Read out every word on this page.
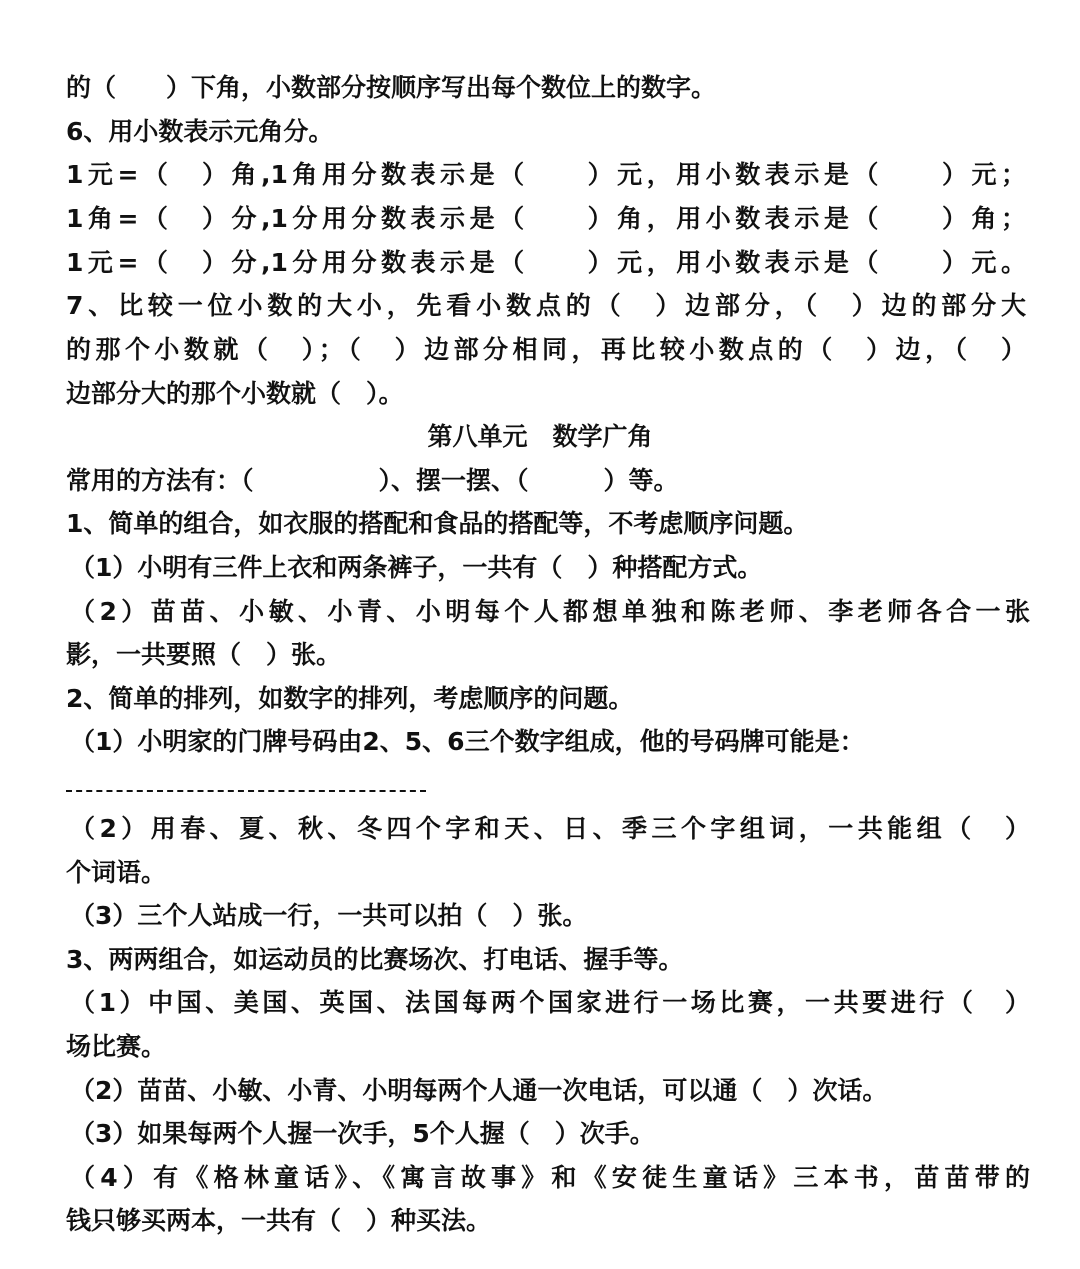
的（　　）下角，小数部分按顺序写出每个数位上的数字。
6、用小数表示元角分。
1元=（　）角,1角用分数表示是（　　）元，用小数表示是（　　）元；
1角=（　）分,1分用分数表示是（　　）角，用小数表示是（　　）角；
1元=（　）分,1分用分数表示是（　　）元，用小数表示是（　　）元。
7、比较一位小数的大小，先看小数点的（　）边部分，（　）边的部分大
的那个小数就（　）；（　）边部分相同，再比较小数点的（　）边，（　）
边部分大的那个小数就（　）。
第八单元　数学广角
常用的方法有：（　　　　　）、摆一摆、（　　　）等。
1、简单的组合，如衣服的搭配和食品的搭配等，不考虑顺序问题。
（1）小明有三件上衣和两条裤子，一共有（　）种搭配方式。
（2）苗苗、小敏、小青、小明每个人都想单独和陈老师、李老师各合一张
影，一共要照（　）张。
2、简单的排列，如数字的排列，考虑顺序的问题。
（1）小明家的门牌号码由2、5、6三个数字组成，他的号码牌可能是：
（2）用春、夏、秋、冬四个字和天、日、季三个字组词，一共能组（　）
个词语。
（3）三个人站成一行，一共可以拍（　）张。
3、两两组合，如运动员的比赛场次、打电话、握手等。
（1）中国、美国、英国、法国每两个国家进行一场比赛，一共要进行（　）
场比赛。
（2）苗苗、小敏、小青、小明每两个人通一次电话，可以通（　）次话。
（3）如果每两个人握一次手，5个人握（　）次手。
（4）有《格林童话》、《寓言故事》和《安徒生童话》三本书，苗苗带的
钱只够买两本，一共有（　）种买法。
